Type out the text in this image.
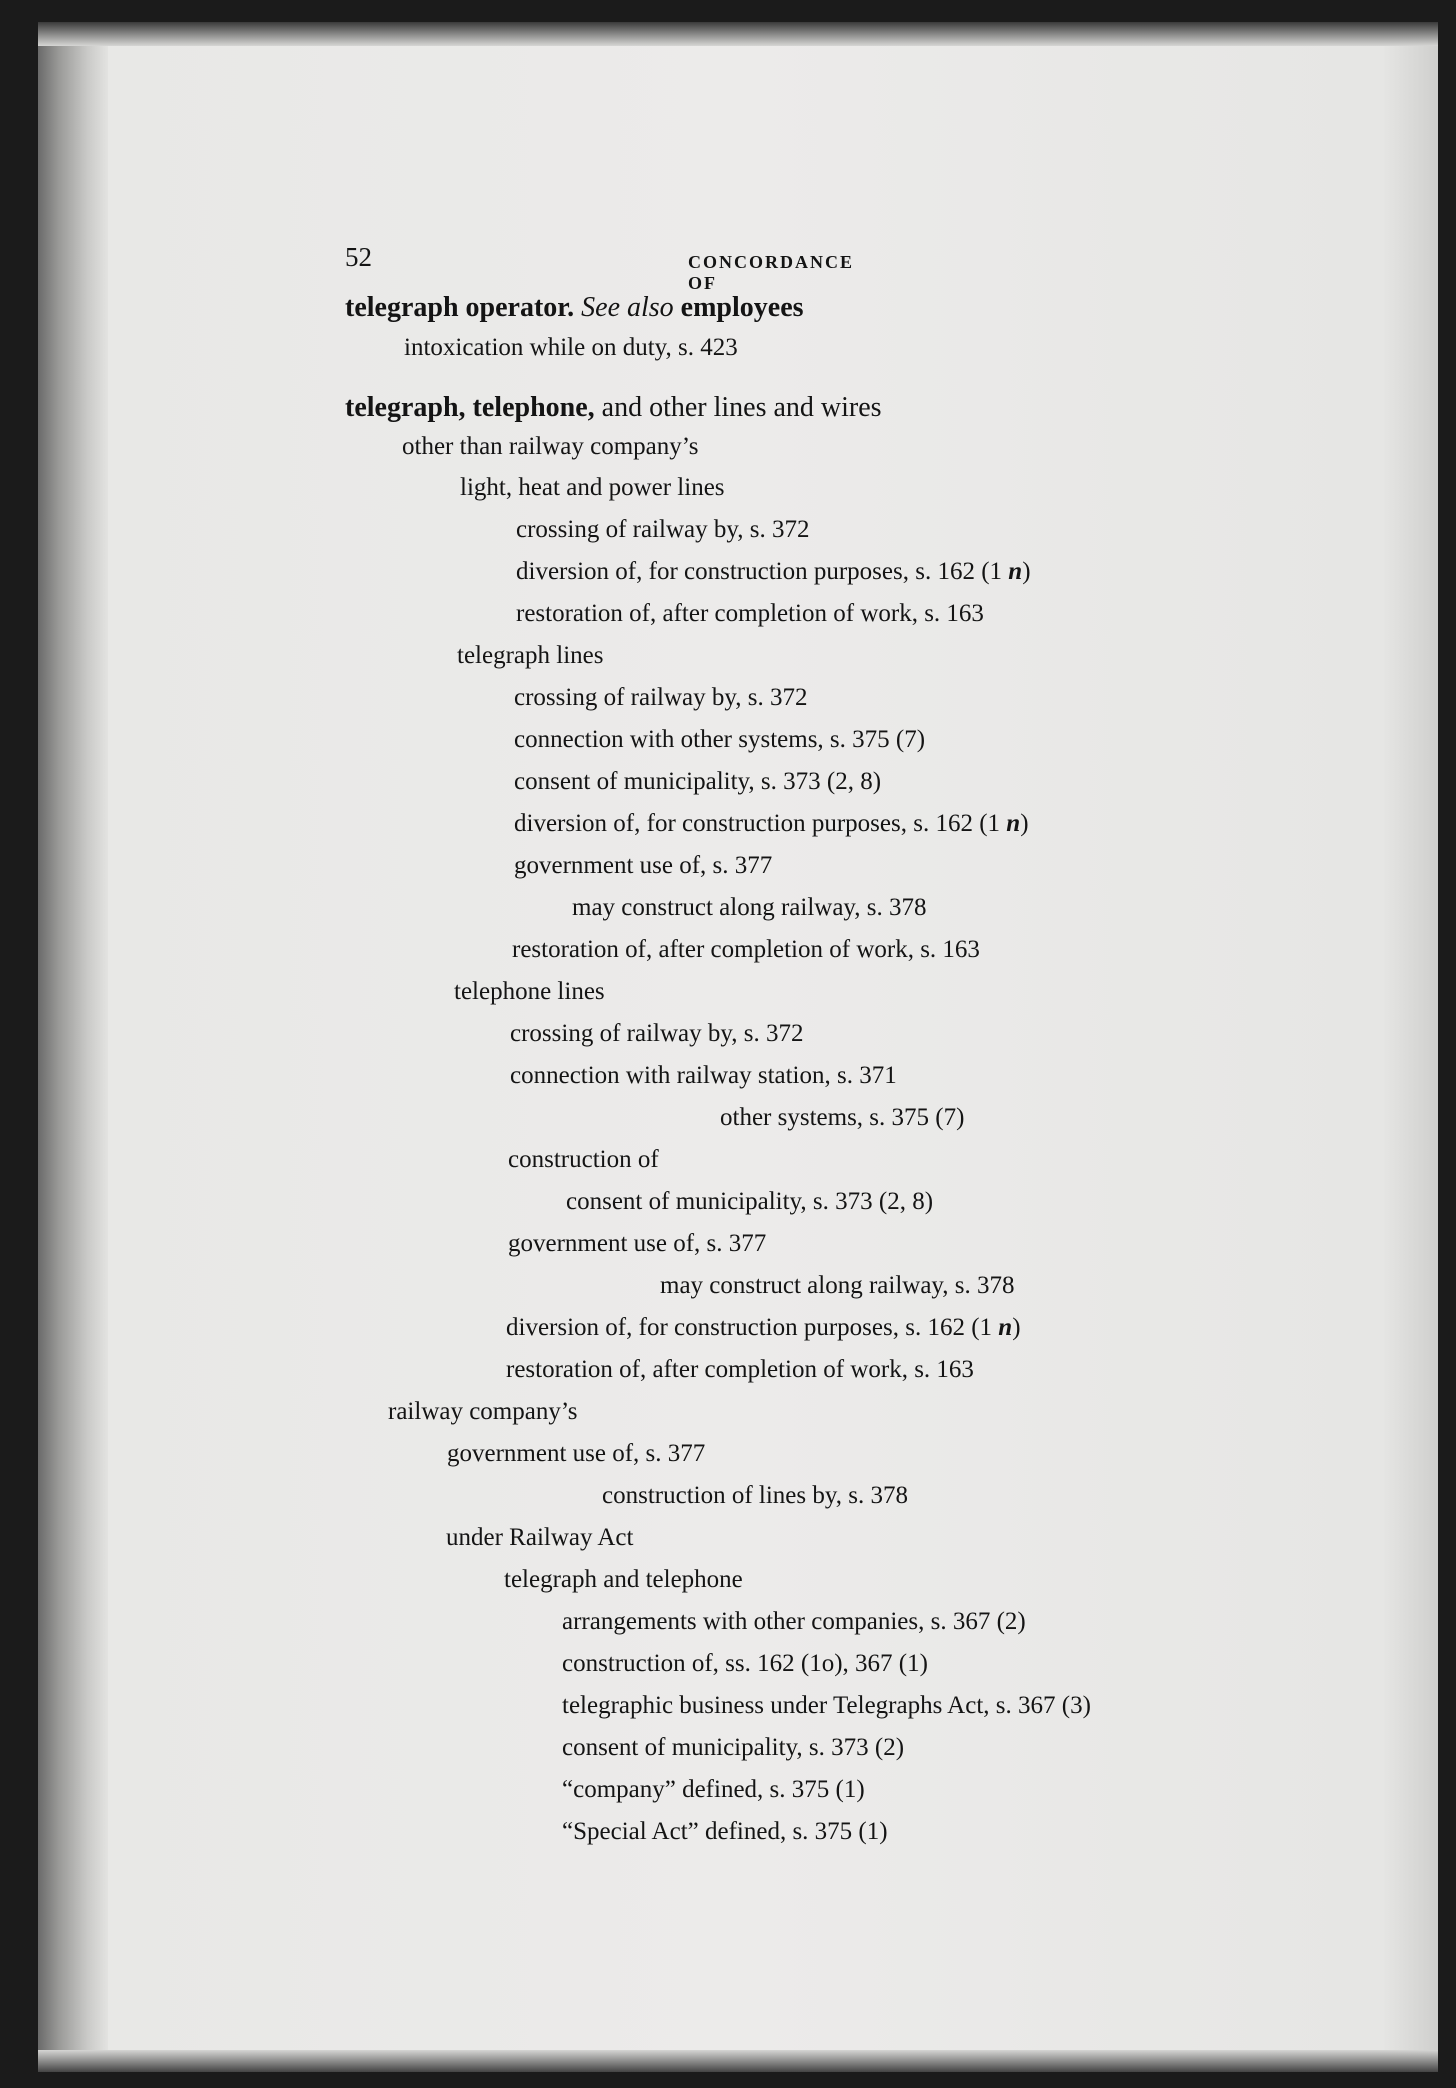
52	CONCORDANCE OF
telegraph operator. See also employees
intoxication while on duty, s. 423
telegraph, telephone, and other lines and wires
other than railway company’s
light, heat and power lines
crossing of railway by, s. 372
diversion of, for construction purposes, s. 162 (1 n)
restoration of, after completion of work, s. 163
telegraph lines
crossing of railway by, s. 372
connection with other systems, s. 375 (7)
consent of municipality, s. 373 (2, 8)
diversion of, for construction purposes, s. 162 (1 n)
government use of, s. 377
may construct along railway, s. 378
restoration of, after completion of work, s. 163
telephone lines
crossing of railway by, s. 372
connection with railway station, s. 371
other systems, s. 375 (7)
construction of
consent of municipality, s. 373 (2, 8)
government use of, s. 377
may construct along railway, s. 378
diversion of, for construction purposes, s. 162 (1 n)
restoration of, after completion of work, s. 163
railway company’s
government use of, s. 377
construction of lines by, s. 378
under Railway Act
telegraph and telephone
arrangements with other companies, s. 367 (2)
construction of, ss. 162 (1o), 367 (1)
telegraphic business under Telegraphs Act, s. 367 (3)
consent of municipality, s. 373 (2)
“company” defined, s. 375 (1)
“Special Act” defined, s. 375 (1)
